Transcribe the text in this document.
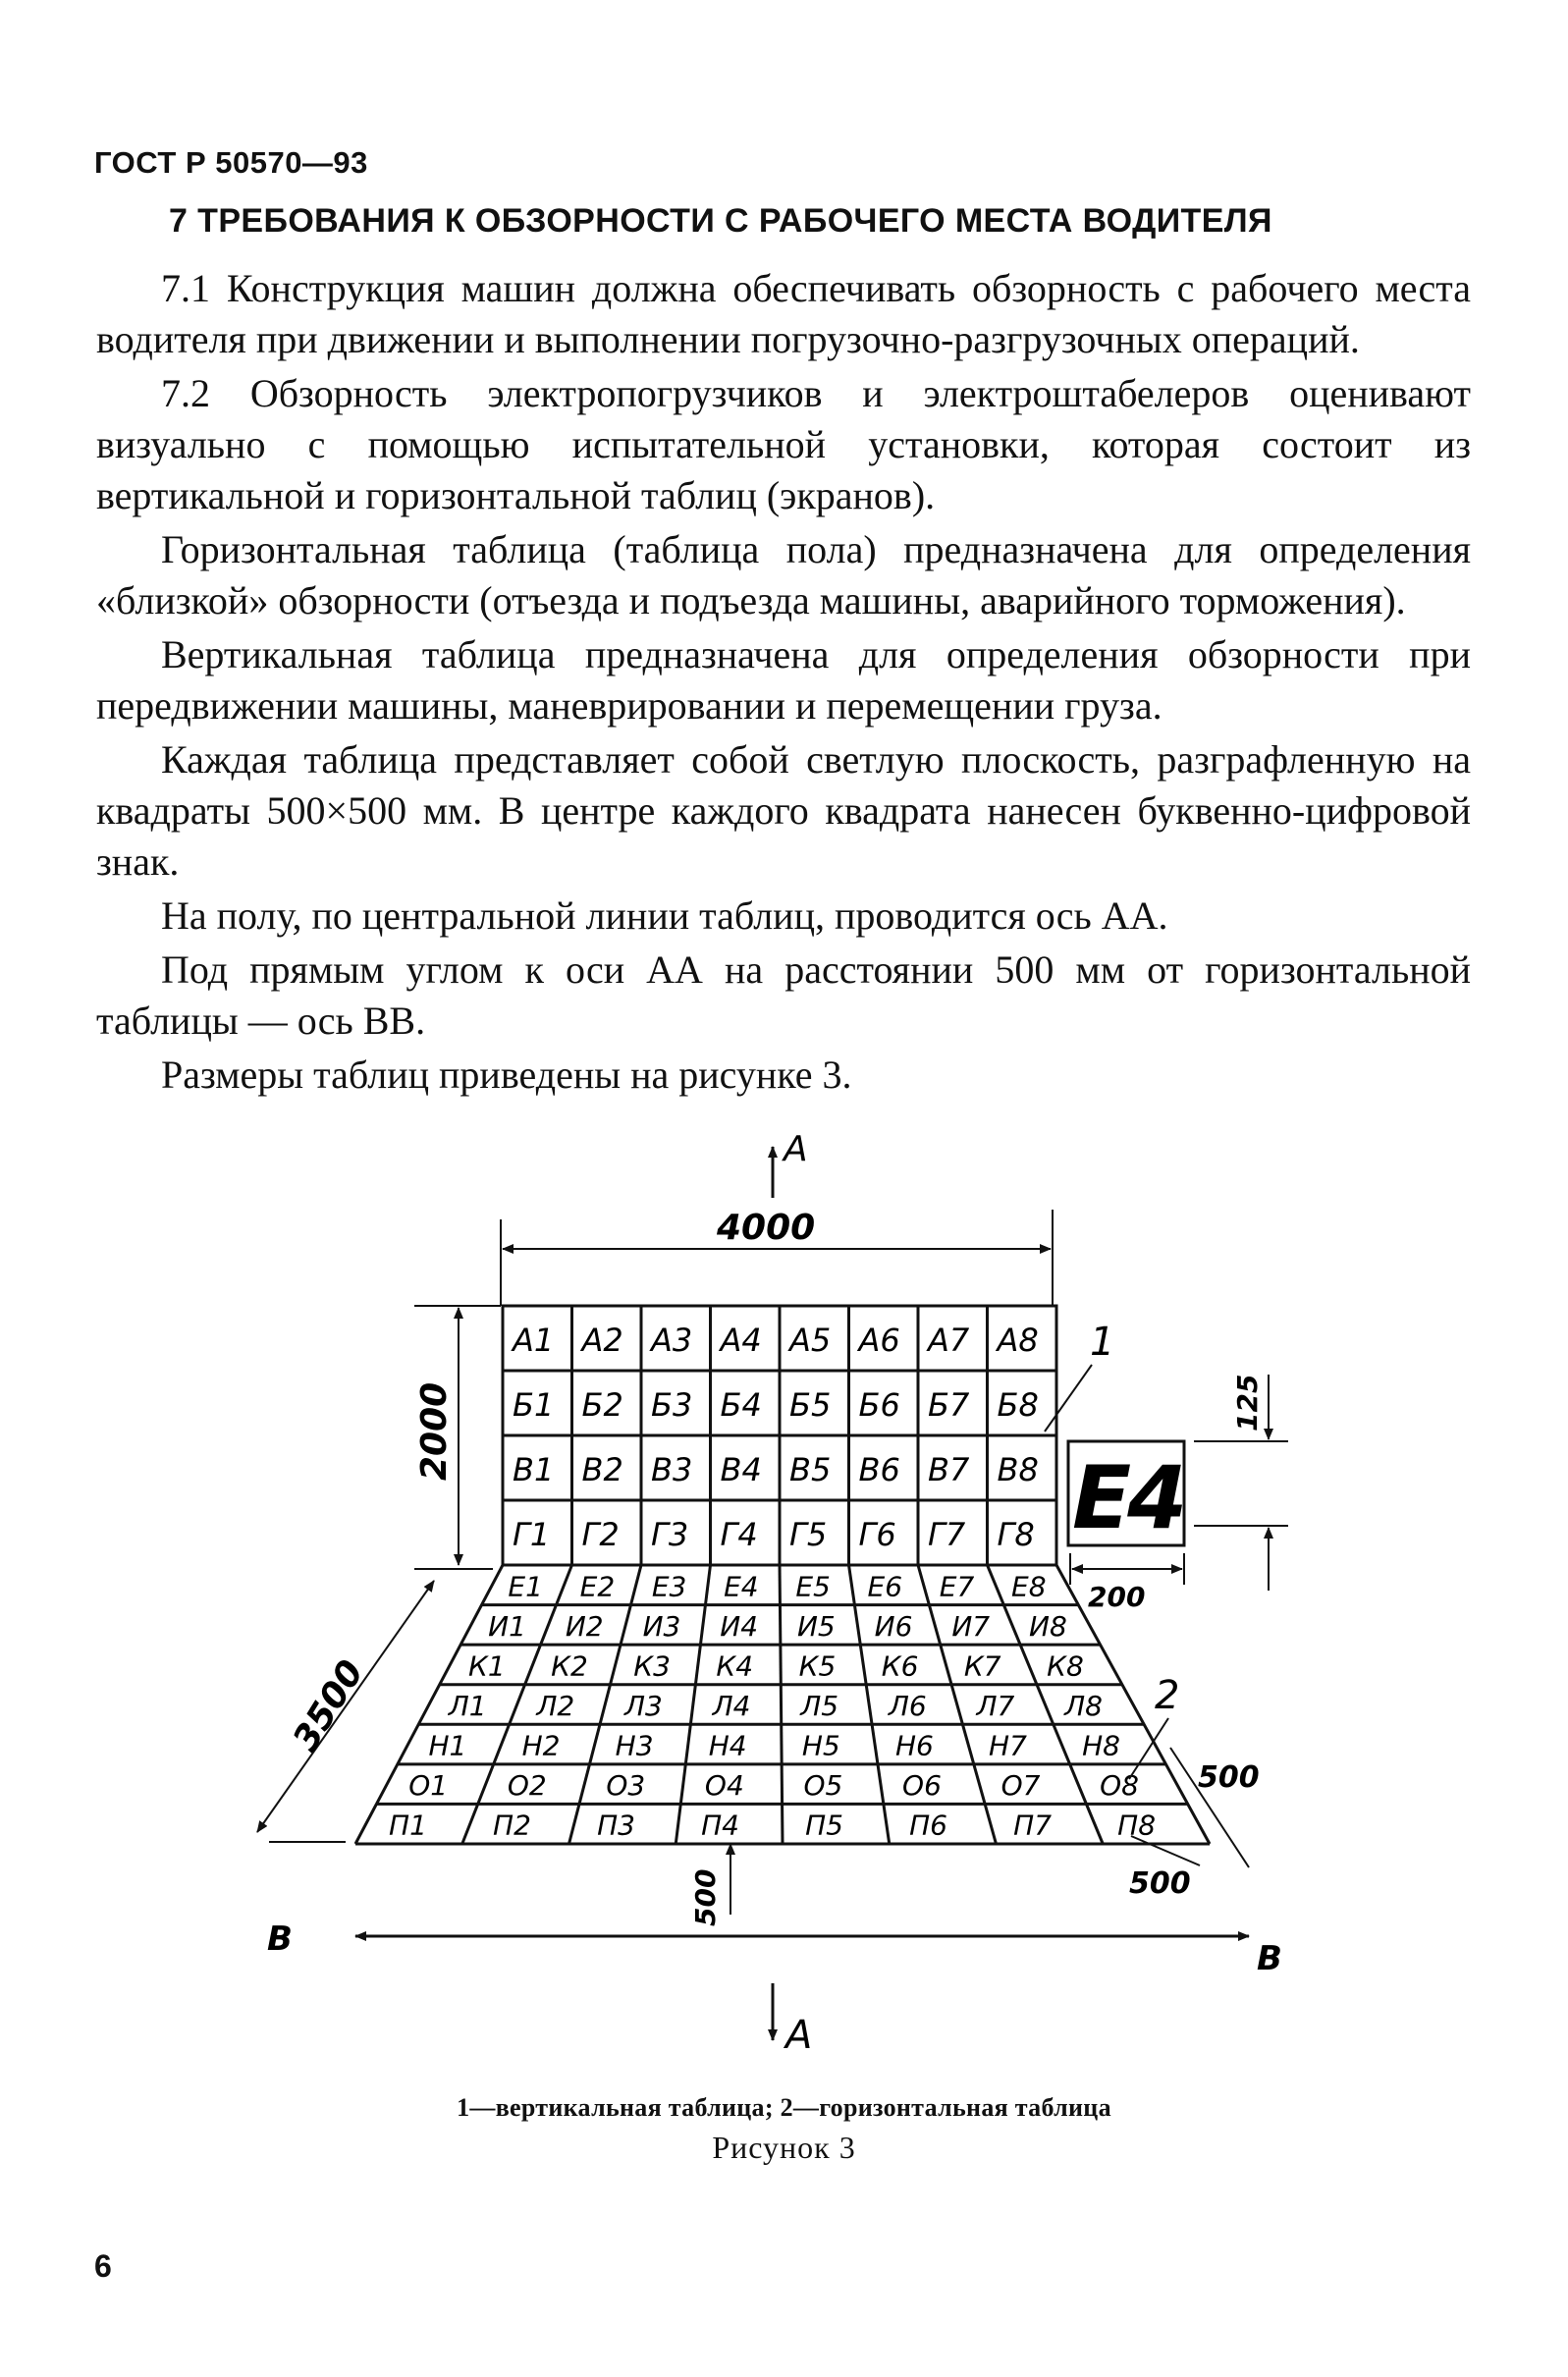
ГОСТ Р 50570—93
7 ТРЕБОВАНИЯ К ОБЗОРНОСТИ С РАБОЧЕГО МЕСТА ВОДИТЕЛЯ

7.1 Конструкция машин должна обеспечивать обзорность с рабочего места водителя при движении и выполнении погрузочно-разгрузочных операций.

7.2 Обзорность электропогрузчиков и электроштабелеров оценивают визуально с помощью испытательной установки, которая состоит из вертикальной и горизонтальной таблиц (экранов).

Горизонтальная таблица (таблица пола) предназначена для определения «близкой» обзорности (отъезда и подъезда машины, аварийного торможения).

Вертикальная таблица предназначена для определения обзорности при передвижении машины, маневрировании и перемещении груза.

Каждая таблица представляет собой светлую плоскость, разграфленную на квадраты 500×500 мм. В центре каждого квадрата нанесен буквенно-цифровой знак.

На полу, по центральной линии таблиц, проводится ось АА.

Под прямым углом к оси АА на расстоянии 500 мм от горизонтальной таблицы — ось ВВ.

Размеры таблиц приведены на рисунке 3.

А1 А2 А3 А4 А5 А6 А7 А8
Б1 Б2 Б3 Б4 Б5 Б6 Б7 Б8
В1 В2 В3 В4 В5 В6 В7 В8
Г1 Г2 Г3 Г4 Г5 Г6 Г7 Г8
Е1 Е2 Е3 Е4 Е5 Е6 Е7 Е8
И1 И2 И3 И4 И5 И6 И7 И8
К1 К2 К3 К4 К5 К6 К7 К8
Л1 Л2 Л3 Л4 Л5 Л6 Л7 Л8
Н1 Н2 Н3 Н4 Н5 Н6 Н7 Н8
О1 О2 О3 О4 О5 О6 О7 О8
П1 П2 П3 П4 П5 П6 П7 П8
А
4000
2000
3500
500
В	В
А
Е4
200
125
1
2
500
500
1—вертикальная таблица; 2—горизонтальная таблица
Рисунок 3
6
